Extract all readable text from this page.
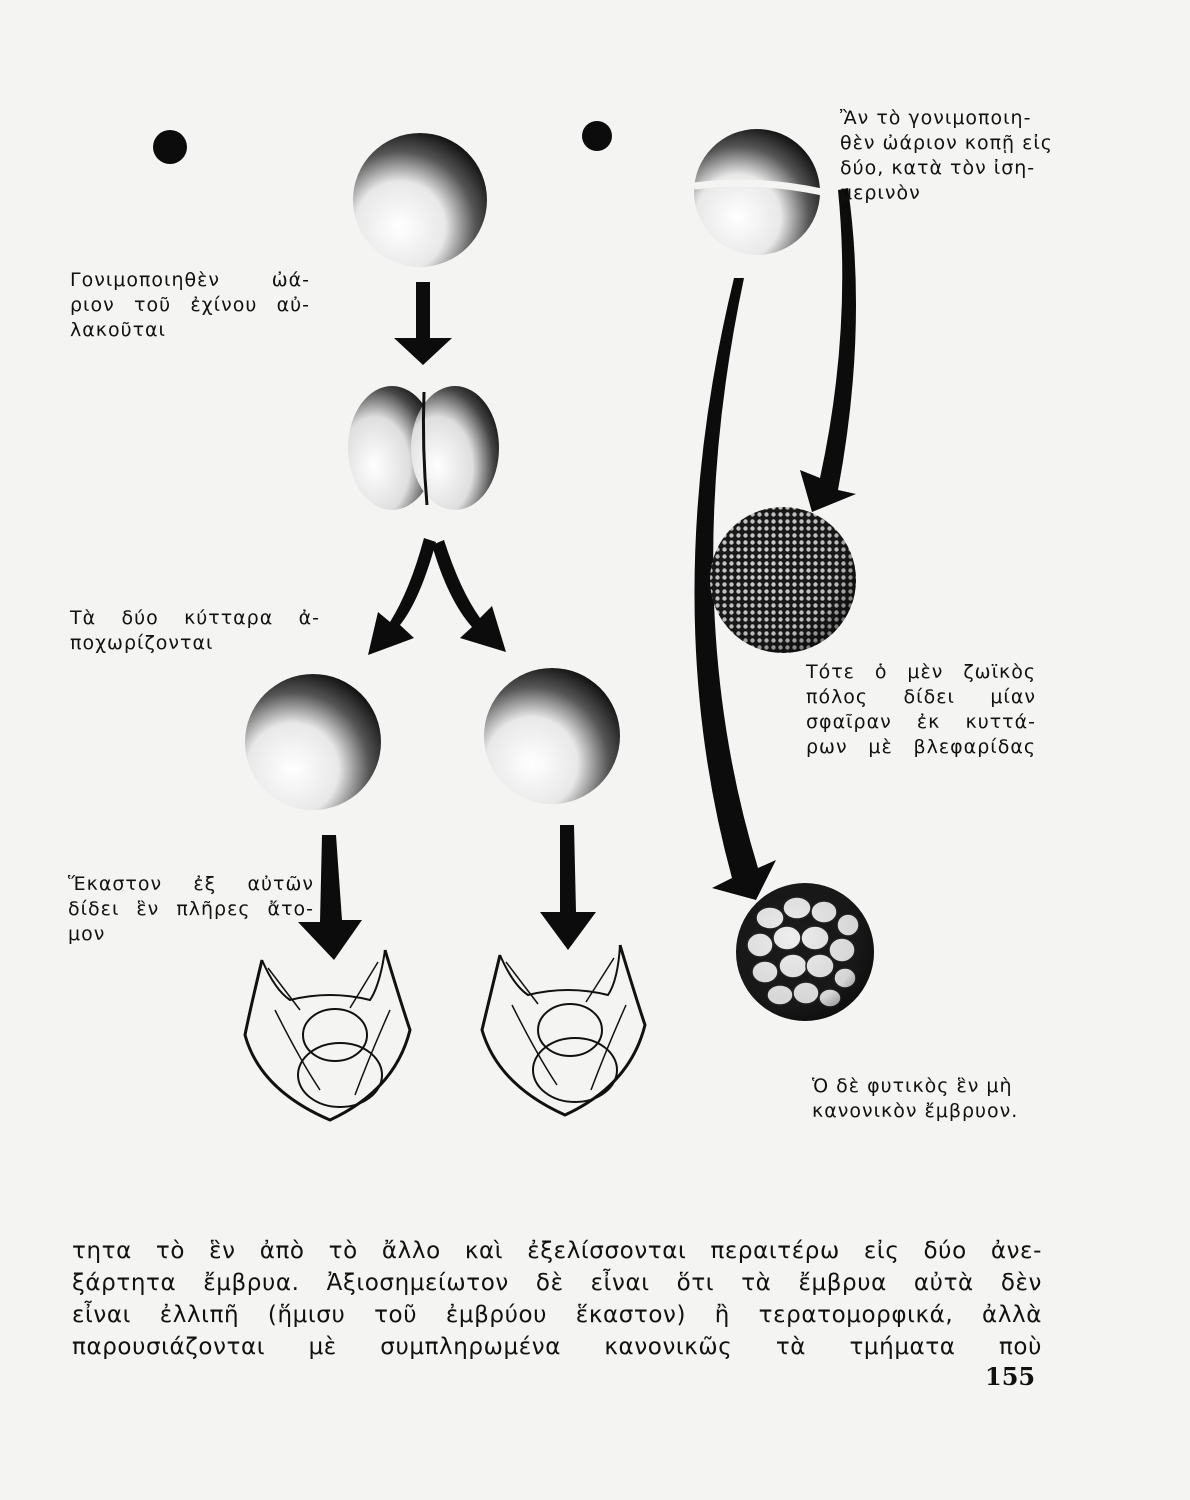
Γονιμοποιηθὲν ὠά-
ριον τοῦ ἐχίνου αὐ-
λακοῦται
Τὰ δύο κύτταρα ἀ-
ποχωρίζονται
Ἕκαστον ἐξ αὐτῶν
δίδει ἓν πλῆρες ἄτο-
μον
Ἂν τὸ γονιμοποιη-
θὲν ὠάριον κοπῇ εἰς
δύο, κατὰ τὸν ἰση-
μερινὸν
Τότε ὁ μὲν ζωϊκὸς
πόλος δίδει μίαν
σφαῖραν ἐκ κυττά-
ρων μὲ βλεφαρίδας
Ὁ δὲ φυτικὸς ἓν μὴ
κανονικὸν ἔμβρυον.
τητα τὸ ἓν ἀπὸ τὸ ἄλλο καὶ ἐξελίσσονται περαιτέρω εἰς δύο ἀνε-
ξάρτητα ἔμβρυα. Ἀξιοσημείωτον δὲ εἶναι ὅτι τὰ ἔμβρυα αὐτὰ δὲν
εἶναι ἐλλιπῆ (ἥμισυ τοῦ ἐμβρύου ἕκαστον) ἢ τερατομορφικά, ἀλλὰ
παρουσιάζονται μὲ συμπληρωμένα κανονικῶς τὰ τμήματα ποὺ
155
